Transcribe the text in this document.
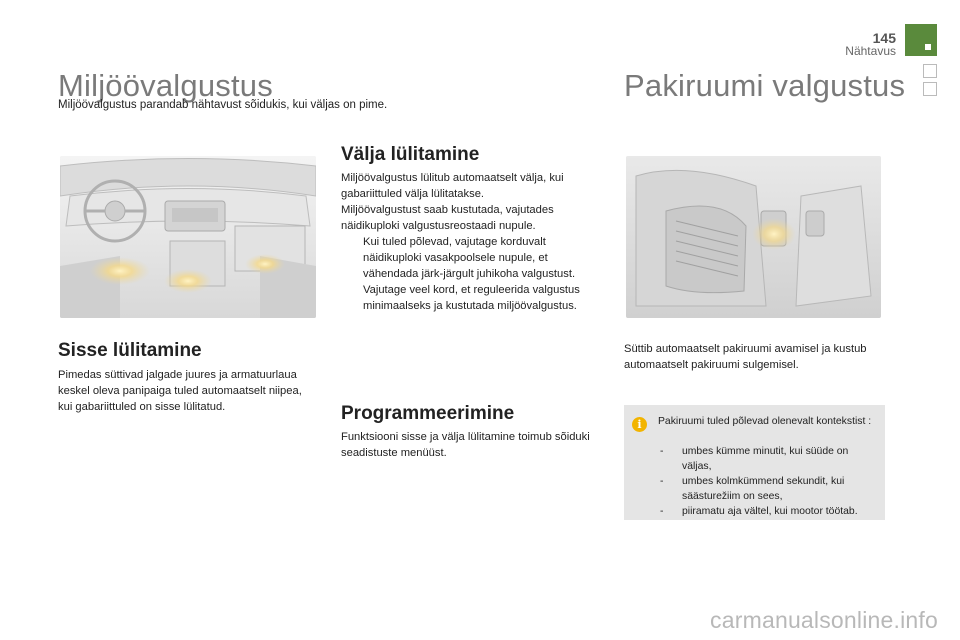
145
Nähtavus
Miljöövalgustus
Miljöövalgustus parandab nähtavust sõidukis, kui väljas on pime.
Sisse lülitamine

Pimedas süttivad jalgade juures ja armatuurlaua keskel oleva panipaiga tuled automaatselt niipea, kui gabariittuled on sisse lülitatud.

Välja lülitamine

Miljöövalgustus lülitub automaatselt välja, kui gabariittuled välja lülitatakse.

Miljöövalgustust saab kustutada, vajutades näidikuploki valgustusreostaadi nupule.

Kui tuled põlevad, vajutage korduvalt näidikuploki vasakpoolsele nupule, et vähendada järk-järgult juhikoha valgustust.
Vajutage veel kord, et reguleerida valgustus minimaalseks ja kustutada miljöövalgustus.
Programmeerimine

Funktsiooni sisse ja välja lülitamine toimub sõiduki seadistuste menüüst.

Pakiruumi valgustus

Süttib automaatselt pakiruumi avamisel ja kustub automaatselt pakiruumi sulgemisel.

i	Pakiruumi tuled põlevad olenevalt kontekstist :
- umbes kümme minutit, kui süüde on väljas,
- umbes kolmkümmend sekundit, kui säästurežiim on sees,
- piiramatu aja vältel, kui mootor töötab.
carmanualsonline.info
